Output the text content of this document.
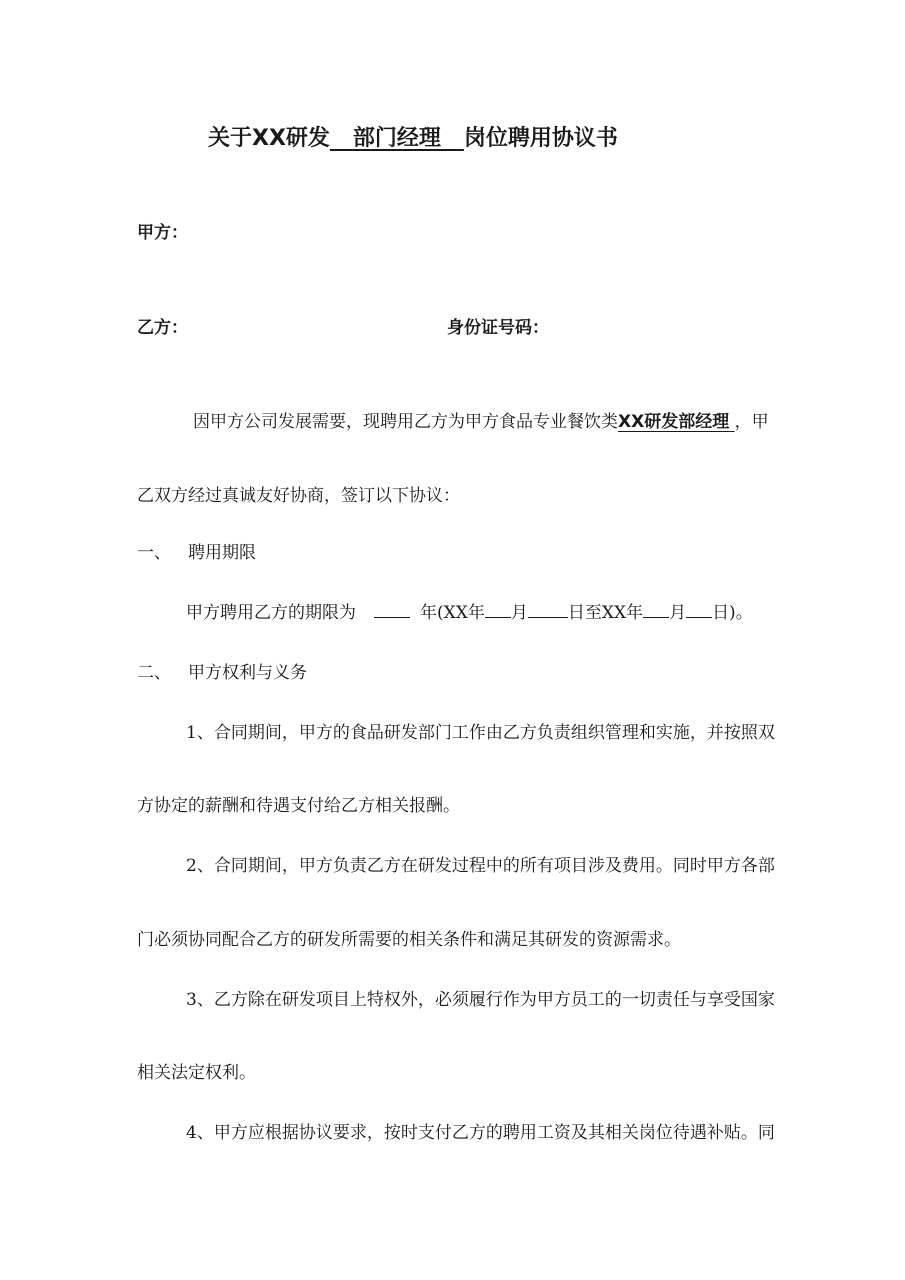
关于XX研发 部门经理 岗位聘用协议书
甲方：
乙方：	身份证号码：
因甲方公司发展需要，现聘用乙方为甲方食品专业餐饮类XX研发部经理 ，甲
乙双方经过真诚友好协商，签订以下协议：
一、 聘用期限
甲方聘用乙方的期限为	年(XX年 月 日至XX年 月 日)。
二、 甲方权利与义务
1、合同期间，甲方的食品研发部门工作由乙方负责组织管理和实施，并按照双
方协定的薪酬和待遇支付给乙方相关报酬。
2、合同期间，甲方负责乙方在研发过程中的所有项目涉及费用。同时甲方各部
门必须协同配合乙方的研发所需要的相关条件和满足其研发的资源需求。
3、乙方除在研发项目上特权外，必须履行作为甲方员工的一切责任与享受国家
相关法定权利。
4、甲方应根据协议要求，按时支付乙方的聘用工资及其相关岗位待遇补贴。同
